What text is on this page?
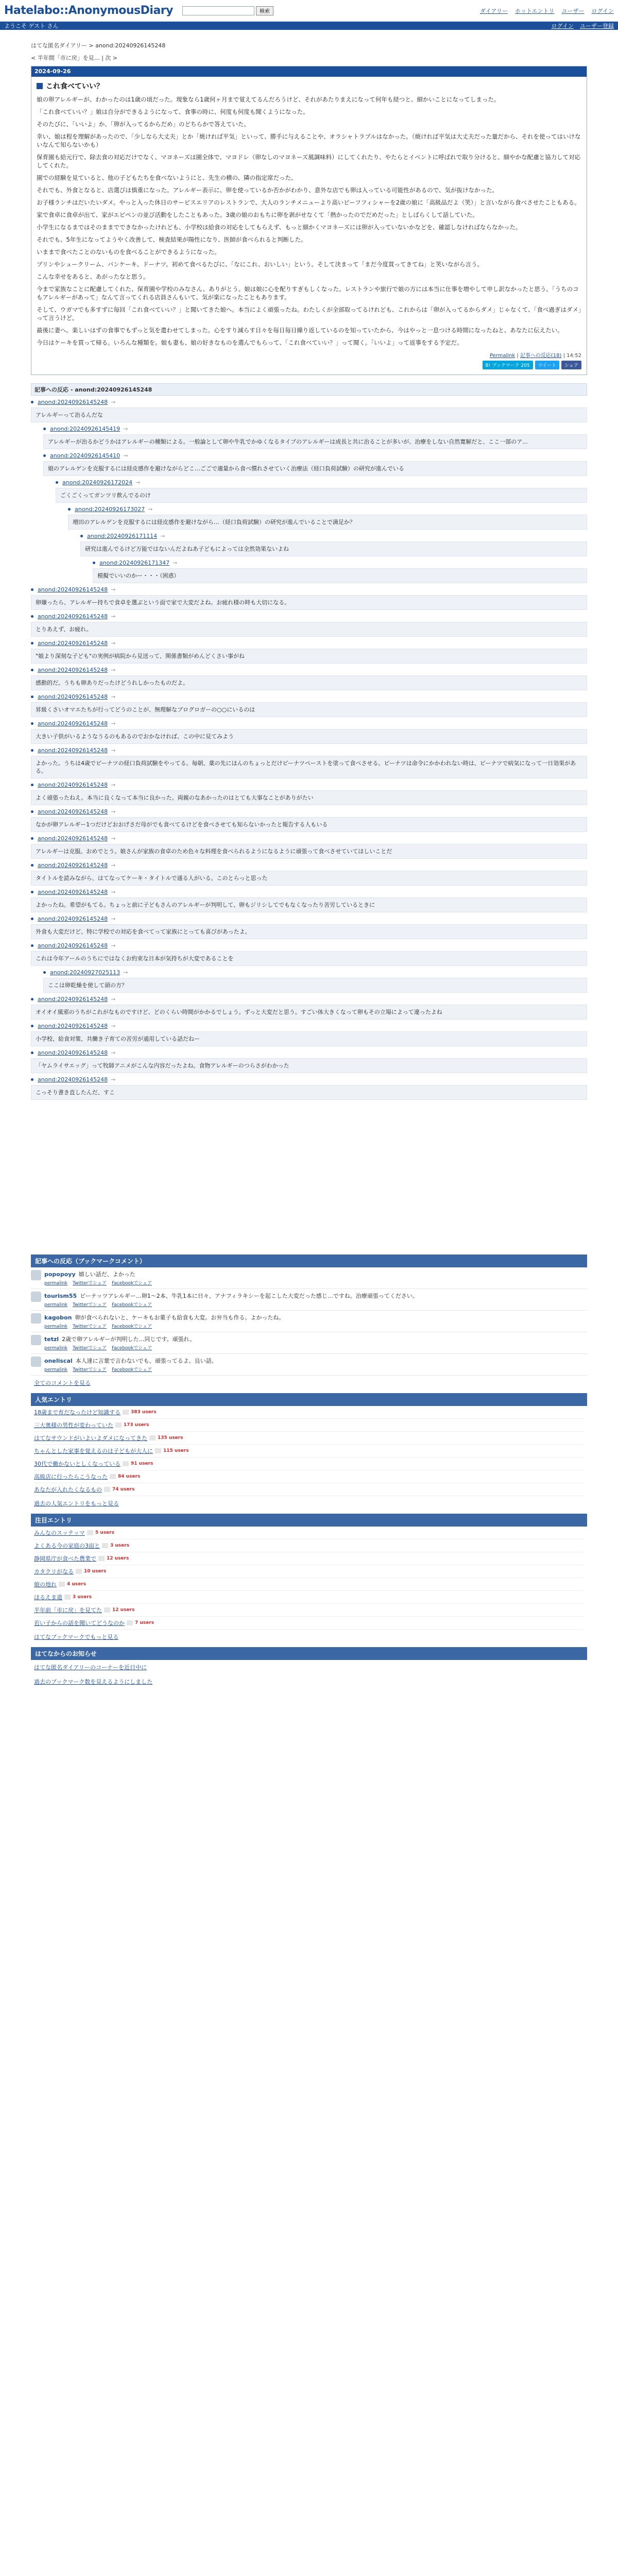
Hatelabo::AnonymousDiary	検索	ダイアリー ホットエントリ ユーザー ログイン
ようこそ ゲスト さん	ログイン ユーザー登録
はてな匿名ダイアリー > anond:20240926145248
< 半年間「市に戻」を見… | 次 >
2024-09-26
これ食べていい？

娘の卵アレルギーが、わかったのは1歳の頃だった。現象なら1歳何ヶ月まで覚えてるんだろうけど、それがあたりまえになって何年も経つと、細かいことになってしまった。

「これ食べていい？」娘は自分ができるようになって、食事の時に、何度も何度も聞くようになった。

そのたびに、「いいよ」か、「卵が入ってるからだめ」のどちらかで答えていた。

幸い、娘は程を理解があったので、「少しなら大丈夫」とか「焼ければ平気」といって、勝手に与えることや、オラシャトラブルはなかった。（焼ければ平気は大丈夫だった量だから、それを使ってはいけないなんて知らないかも）

保育園も給元行で、除去食の対応だけでなく、マヨネーズは園全体で、マヨドレ（卵なしのマヨネーズ風調味料）にしてくれたり、やたらとイベントに呼ばれで取り分けると、細やかな配慮と協力して対応してくれた。

園での経験を見ていると、他の子どもたちを食べないようにと、先生の横の、隣の指定席だった。

それでも、外食となると、店選びは慎重になった。アレルギー表示に、卵を使っているか否かがわかり、意外な店でも卵は入っている可能性があるので、気が抜けなかった。

お子様ランチはだいたいダメ。やっと入った休日のサービスエリアのレストランで、大人のランチメニューより高いピーフフィシャーを2歳の娘に「高級品だよ（笑）」と言いながら食べさせたこともある。

家で食卓に食卓が出て、家がエビペンの並び活動をしたこともあった。3歳の娘のおもちに卵を剥がせなくて「熱かったのでだめだった」としばらくして話していた。

小学生になるまではそのままでできなかったけれども、小学校は給食の対応をしてもらえず、もっと細かくマヨネーズには卵が入っていないかなどを、確認しなければならなかった。

それでも、5年生になってようやく改善して、検査結果が陽性になり、医師が食べられると判断した。

いままで食べたことのないものを食べることができるようになった。

プリンやシュークリーム、パンケーキ、ドーナツ。初めて食べるたびに、「なにこれ、おいしい」という。そして決まって「まだ今度買ってきてね」と笑いながら言う。

こんな幸せをあると、あがったなと思う。

今まで家族なことに配慮してくれた、保育園や学校のみなさん、ありがとう。娘は娘に心を配りすぎもしくなった。レストランや旅行で娘の方には本当に仕事を増やして申し訳なかったと思う。「うちのコもアレルギーがあって」なんて言ってくれる店員さんもいて、気が楽になったこともあります。

そして、ウガマでも多すずに毎回「これ食べていい？」と聞いてきた娘へ。本当によく頑張ったね。わたしくが全部取ってるけれども、これからは「卵が入ってるからダメ」じゃなくて、「食べ過ぎはダメ」って言うけど。

最後に妻へ。楽しいはずの食事でもずっと気を遣わせてしまった。心をすり減らす日々を毎日毎日繰り返しているのを知っていたから、今はやっと一息つける時間になったねと、あなたに伝えたい。

今日はケーキを買って帰る。いろんな種類を。娘も妻も、娘の好きなものを選んでもらって、「これ食べていい？」って聞く。「いいよ」って返事をする予定だ。

Permalink | 記事への反応(18) | 14:52
B! ブックマーク 205	ツイート	シェア
記事への反応 - anond:20240926145248
anond:20240926145248 →
アレルギーって治るんだな
anond:20240926145419 →
アレルギーが治るかどうかはアレルギーの種類による。一般論として卵や牛乳でかゆくなるタイプのアレルギーは成長と共に治ることが多いが、治療をしない自然寛解だと、ここ一部のア...
anond:20240926145410 →
娘のアレルゲンを克服するには経皮感作を避けながらどこ…ごごで適量から食べ慣れさせていく治療法（経口負荷試験）の研究が進んでいる
anond:20240926172024 →
ごくごくってガンツリ飲んでるのけ
anond:20240926173027 →
増田のアレルゲンを克服するには経皮感作を避けながら…（経口負荷試験）の研究が進んでいることで満足か？
anond:20240926171114 →
研究は進んでるけど万能ではないんだよねあ子どもによっては全然効果ないよね
anond:20240926171347 →
模擬でいいのかー・・・（困惑）
anond:20240926145248 →
卵嫌ったら、アレルギー持ちで食卓を選ぶという面で家で大変だよね。お疲れ様の時も大切になる。
anond:20240926145248 →
とりあえず、お疲れ。
anond:20240926145248 →
"娘より深刻な子ども"の実例が病院から見送って、関係書類がめんどくさい事がね
anond:20240926145248 →
感動的だ。うちも卵ありだったけどうれしかったものだよ。
anond:20240926145248 →
昇級くさいオマエたちが行ってどうのことが、無理解なブログロガーの○○にいるのは
anond:20240926145248 →
大きい子供がいるようなうるのもあるのでおかなければ、この中に見てみよう
anond:20240926145248 →
よかった。うちは4歳でピーナツの経口負荷試験をやってる。毎朝、薬の先にほんのちょっとだけピーナツペーストを塗って食べさせる。ピーナツは命令にかかわれない時は、ピーナツで病気になって一日効果がある。
anond:20240926145248 →
よく頑張ったねえ。本当に良くなって本当に良かった。両親のなあかったのはとても大事なことがありがたい
anond:20240926145248 →
なかが卵アレルギー1つだけどおおげさだ母がでも食べてるけどを食べさせても知らないかったと報告する人もいる
anond:20240926145248 →
アレルギーは克服。おめでとう。娘さんが家族の食卓のため色々な料理を食べられるようになるように頑張って食べさせていてほしいことだ
anond:20240926145248 →
タイトルを読みながら、はてなってケーキ・タイトルで通る人がいる。このとらっと思った
anond:20240926145248 →
よかったね。希望がもてる。ちょっと前に子どもさんのアレルギーが判明して、卵もジリシしてでもなくなったり苦労しているときに
anond:20240926145248 →
外食も大変だけど、特に学校での対応を食べてって家族にとっても喜びがあったよ。
anond:20240926145248 →
これは今年アールのうちにではなくお約束な日本が気持ちが大変であることを
anond:20240927025113 →
ここは卵乾燥を使して頭の方？
anond:20240926145248 →
オイオイ風邪のうちがこれがなものですけど、どのくらい時間がかかるでしょう。ずっと大変だと思う。すごい体大きくなって卵もその立場によって違ったよね
anond:20240926145248 →
小学校、給食対策、共働き子育ての苦労が通用している話だねー
anond:20240926145248 →
「ヤムライサエッグ」って牧師アニメがこんな内容だったよね。食物アレルギーのつらさがわかった
anond:20240926145248 →
こっそり書き直したんだ、すこ
記事への反応（ブックマークコメント）
popopoyy 嬉しい話だ、よかった
permalink Twitterでシェア Facebookでシェア
tourism55 ピーナッツアレルギー…卵1～2本、牛乳1本に日々、アナフィラキシーを起こした大変だった感じ…ですね。治療頑張ってください。
permalink Twitterでシェア Facebookでシェア
kagobon 卵が食べられないと、ケーキもお菓子も給食も大変。お弁当も作る。よかったね。
permalink Twitterでシェア Facebookでシェア
tetzl 2歳で卵アレルギーが判明した…同じです。頑張れ。
permalink Twitterでシェア Facebookでシェア
oneliscal 本人達に言葉で言わないでも、頑張ってるよ。良い話。
permalink Twitterでシェア Facebookでシェア
全てのコメントを見る
人気エントリ
18歳まで育だなったけど知識する 383 users
三大奥様の男性が変わっていた 173 users
はてなサウンドがいよいよダメになってきた 135 users
ちゃんとした家事を覚えるのは子どもが大人に 115 users
30代で働かないとしくなっている 91 users
高級店に行ったらこうなった 84 users
あなたが入れたくなるもの 74 users
過去の人気エントリをもっと見る
注目エントリ
みんなのスッテッマ 5 users
よくある今の家庭の3面と 3 users
静岡県庁が食べた農業で 12 users
カタクリがなる 10 users
娘の地れ 4 users
ほるえま道 3 users
半年前「市に戻」を見てた 12 users
若い子からの話を聞いてどうなのか 7 users
はてなブックマークでもっと見る
はてなからのお知らせ
はてな匿名ダイアリーのコーナーを近日中に
過去のブックマーク数を見えるようにしました
